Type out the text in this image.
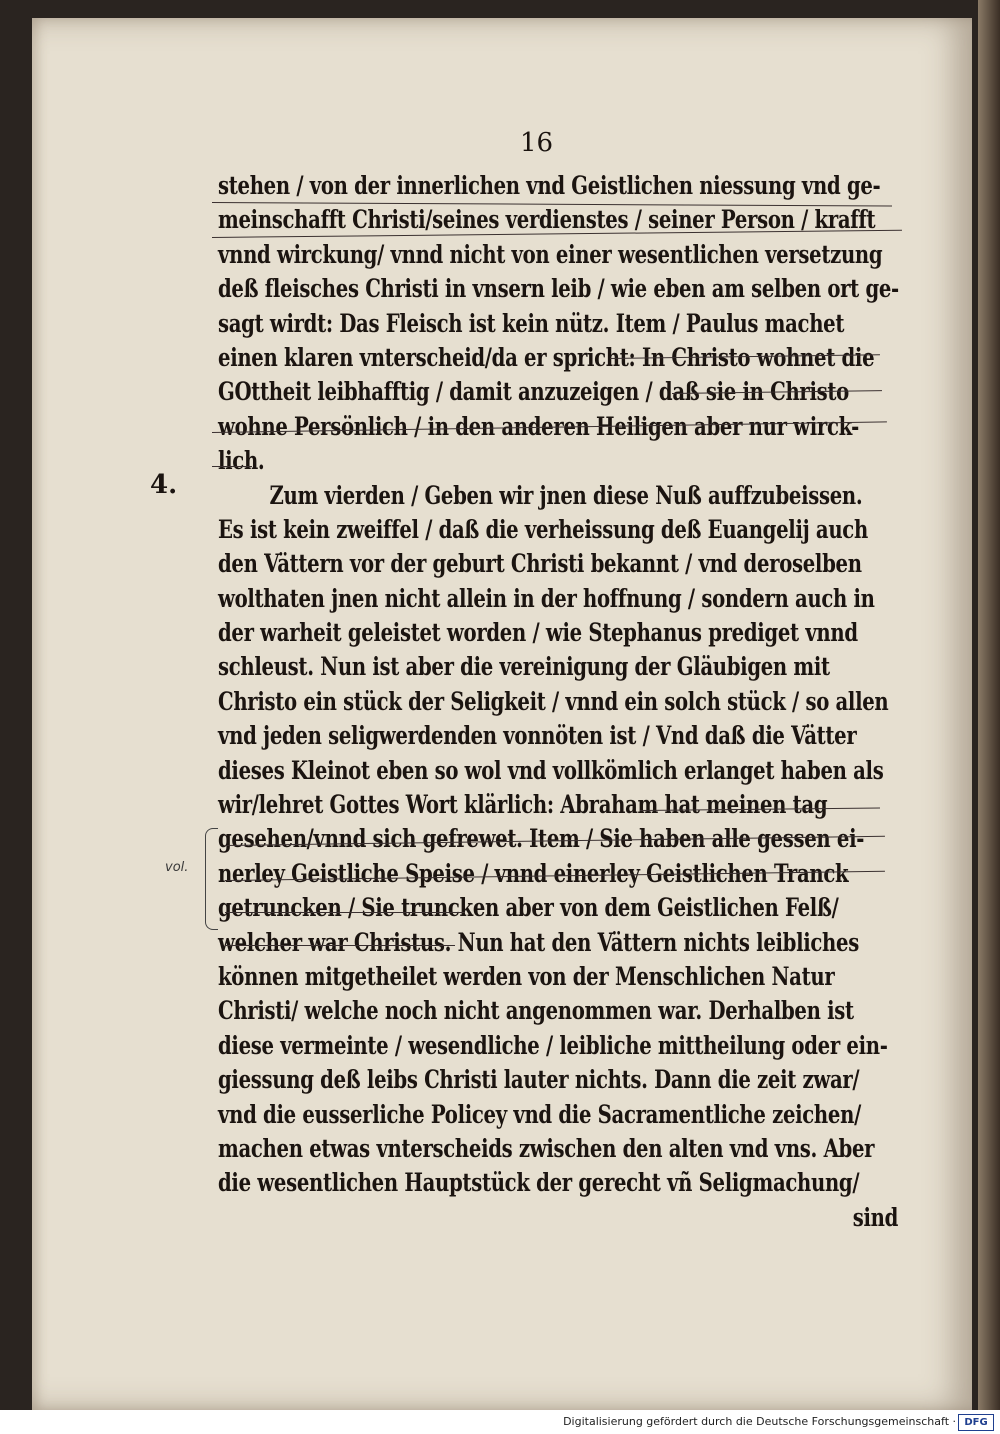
16
4.
vol.
stehen / von der innerlichen vnd Geistlichen niessung vnd ge-
meinschafft Christi/seines verdienstes / seiner Person / krafft
vnnd wirckung/ vnnd nicht von einer wesentlichen versetzung
deß fleisches Christi in vnsern leib / wie eben am selben ort ge-
sagt wirdt: Das Fleisch ist kein nütz. Item / Paulus machet
einen klaren vnterscheid/da er spricht: In Christo wohnet die
GOttheit leibhafftig / damit anzuzeigen / daß sie in Christo
wohne Persönlich / in den anderen Heiligen aber nur wirck-
lich.
Zum vierden / Geben wir jnen diese Nuß auffzubeissen.
Es ist kein zweiffel / daß die verheissung deß Euangelij auch
den Vättern vor der geburt Christi bekannt / vnd deroselben
wolthaten jnen nicht allein in der hoffnung / sondern auch in
der warheit geleistet worden / wie Stephanus prediget vnnd
schleust. Nun ist aber die vereinigung der Gläubigen mit
Christo ein stück der Seligkeit / vnnd ein solch stück / so allen
vnd jeden seligwerdenden vonnöten ist / Vnd daß die Vätter
dieses Kleinot eben so wol vnd vollkömlich erlanget haben als
wir/lehret Gottes Wort klärlich: Abraham hat meinen tag
gesehen/vnnd sich gefrewet. Item / Sie haben alle gessen ei-
nerley Geistliche Speise / vnnd einerley Geistlichen Tranck
getruncken / Sie truncken aber von dem Geistlichen Felß/
welcher war Christus. Nun hat den Vättern nichts leibliches
können mitgetheilet werden von der Menschlichen Natur
Christi/ welche noch nicht angenommen war. Derhalben ist
diese vermeinte / wesendliche / leibliche mittheilung oder ein-
giessung deß leibs Christi lauter nichts. Dann die zeit zwar/
vnd die eusserliche Policey vnd die Sacramentliche zeichen/
machen etwas vnterscheids zwischen den alten vnd vns. Aber
die wesentlichen Hauptstück der gerecht vñ Seligmachung/
sind
Digitalisierung gefördert durch die Deutsche Forschungsgemeinschaft · DFG
